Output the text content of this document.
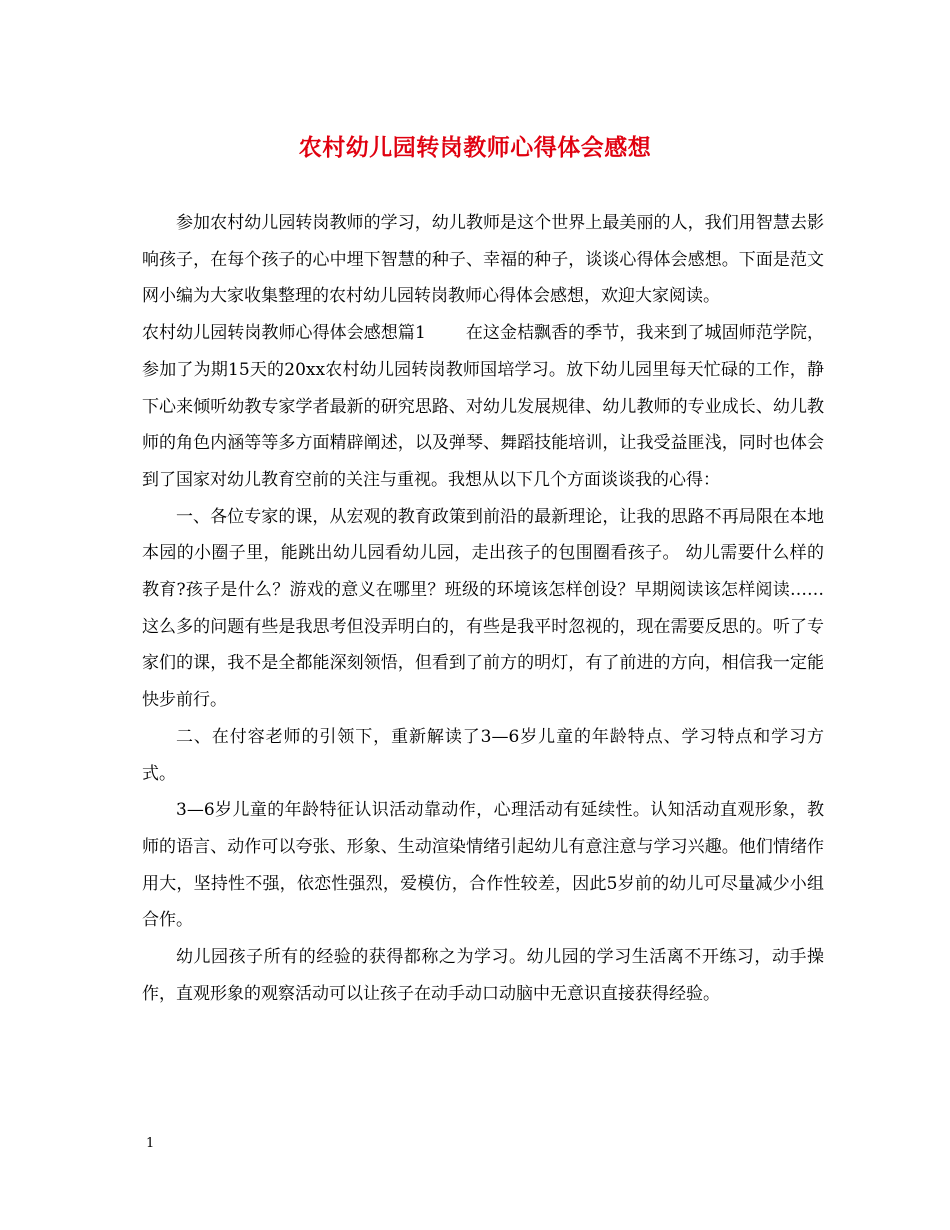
农村幼儿园转岗教师心得体会感想

参加农村幼儿园转岗教师的学习，幼儿教师是这个世界上最美丽的人，我们用智慧去影响孩子，在每个孩子的心中埋下智慧的种子、幸福的种子，谈谈心得体会感想。下面是范文网小编为大家收集整理的农村幼儿园转岗教师心得体会感想，欢迎大家阅读。

农村幼儿园转岗教师心得体会感想篇1 在这金桔飘香的季节，我来到了城固师范学院，参加了为期15天的20xx农村幼儿园转岗教师国培学习。放下幼儿园里每天忙碌的工作，静下心来倾听幼教专家学者最新的研究思路、对幼儿发展规律、幼儿教师的专业成长、幼儿教师的角色内涵等等多方面精辟阐述，以及弹琴、舞蹈技能培训，让我受益匪浅，同时也体会到了国家对幼儿教育空前的关注与重视。我想从以下几个方面谈谈我的心得：

一、各位专家的课，从宏观的教育政策到前沿的最新理论，让我的思路不再局限在本地本园的小圈子里，能跳出幼儿园看幼儿园，走出孩子的包围圈看孩子。 幼儿需要什么样的教育?孩子是什么？游戏的意义在哪里？班级的环境该怎样创设？早期阅读该怎样阅读…… 这么多的问题有些是我思考但没弄明白的，有些是我平时忽视的，现在需要反思的。听了专家们的课，我不是全都能深刻领悟，但看到了前方的明灯，有了前进的方向，相信我一定能快步前行。

二、在付容老师的引领下，重新解读了3—6岁儿童的年龄特点、学习特点和学习方式。

3—6岁儿童的年龄特征认识活动靠动作，心理活动有延续性。认知活动直观形象，教师的语言、动作可以夸张、形象、生动渲染情绪引起幼儿有意注意与学习兴趣。他们情绪作用大，坚持性不强，依恋性强烈，爱模仿，合作性较差，因此5岁前的幼儿可尽量减少小组合作。

幼儿园孩子所有的经验的获得都称之为学习。幼儿园的学习生活离不开练习，动手操作，直观形象的观察活动可以让孩子在动手动口动脑中无意识直接获得经验。

1
